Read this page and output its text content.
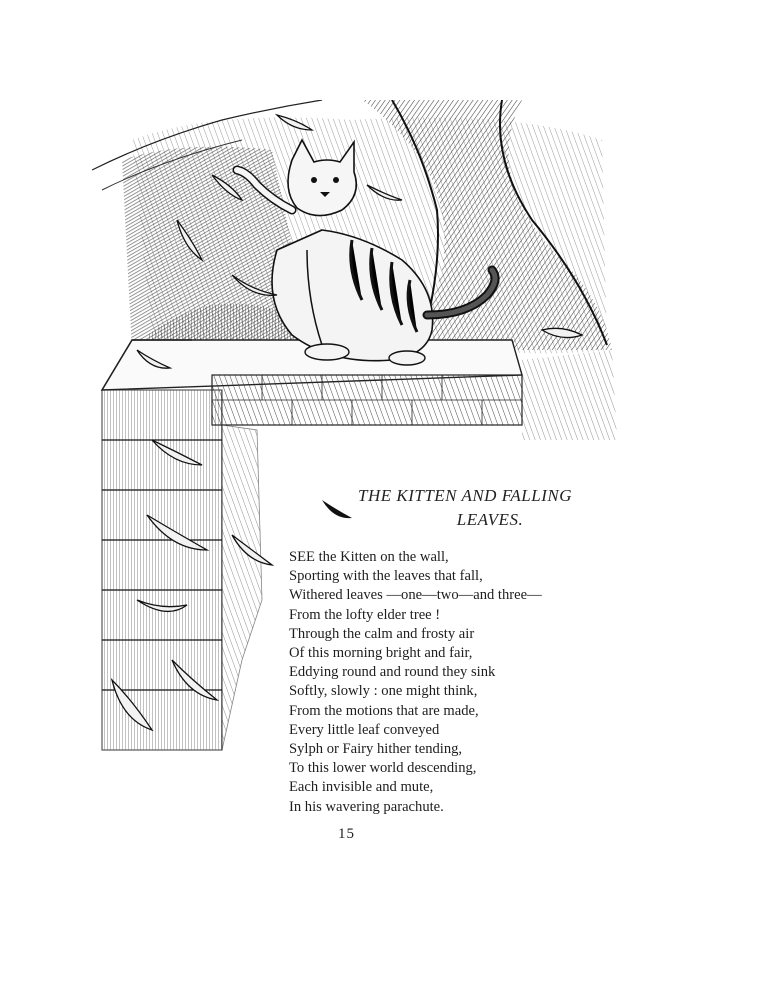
THE KITTEN AND FALLING
LEAVES.
SEE the Kitten on the wall,
Sporting with the leaves that fall,
Withered leaves —one—two—and three—
From the lofty elder tree !
Through the calm and frosty air
Of this morning bright and fair,
Eddying round and round they sink
Softly, slowly : one might think,
From the motions that are made,
Every little leaf conveyed
Sylph or Fairy hither tending,
To this lower world descending,
Each invisible and mute,
In his wavering parachute.
15
